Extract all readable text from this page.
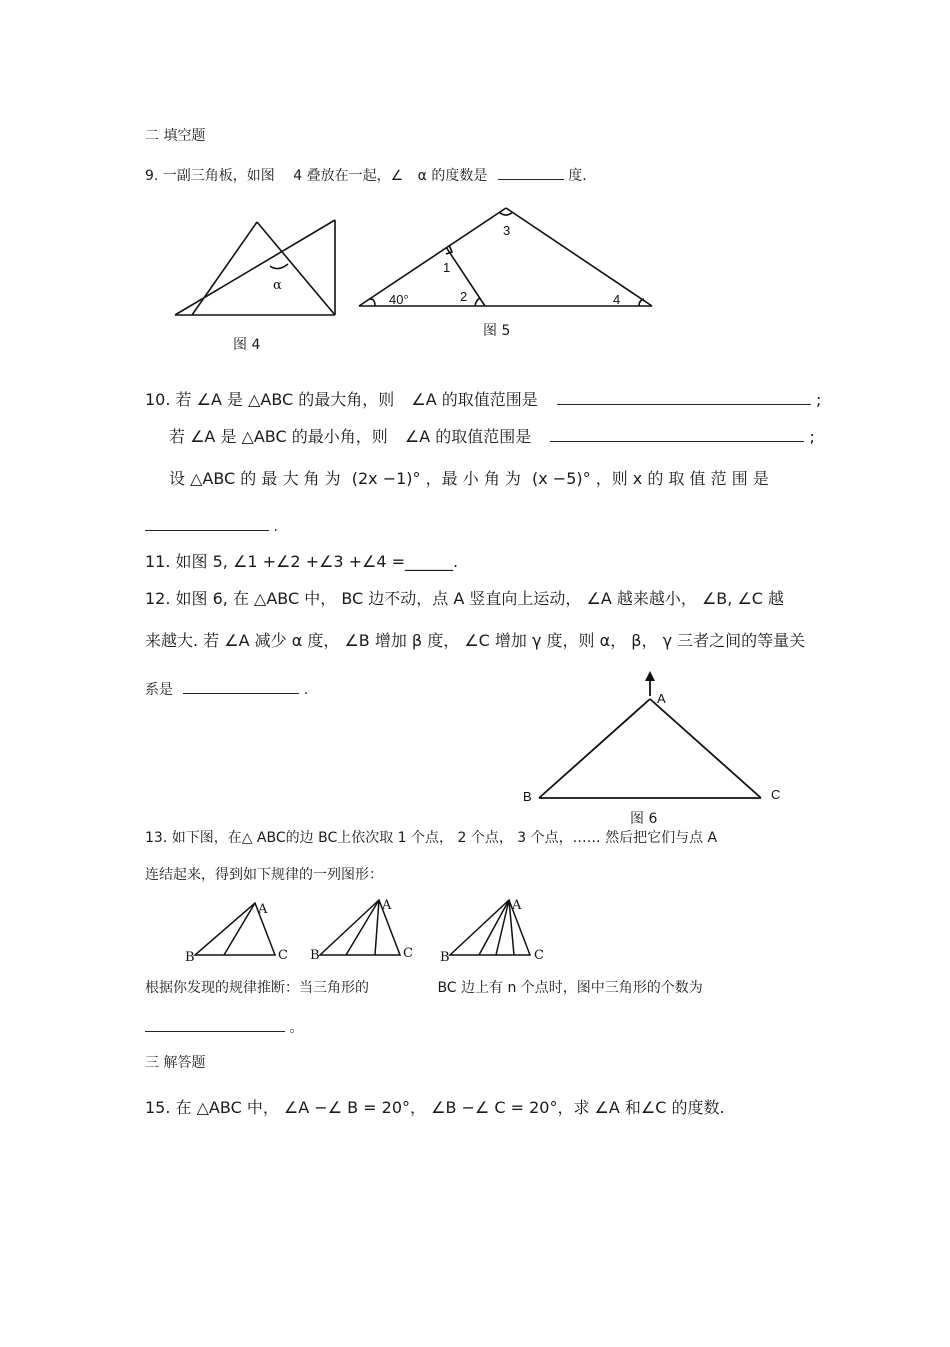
二 填空题
9. 一副三角板，如图 4 叠放在一起，∠ α 的度数是	度.
α
图 4
3
1
2	4
40°
图 5
10. 若 ∠A 是 △ABC 的最大角，则 ∠A 的取值范围是	;
若 ∠A 是 △ABC 的最小角，则 ∠A 的取值范围是	;
设 △ABC 的 最 大 角 为 (2x −1)° ，最 小 角 为 (x −5)° ，则 x 的 取 值 范 围 是
.
11. 如图 5, ∠1 +∠2 +∠3 +∠4 =______.
12. 如图 6, 在 △ABC 中， BC 边不动，点 A 竖直向上运动， ∠A 越来越小， ∠B, ∠C 越
来越大. 若 ∠A 减少 α 度， ∠B 增加 β 度， ∠C 增加 γ 度，则 α， β， γ 三者之间的等量关
系是	.
A
B	C
图 6
13. 如下图，在△ ABC的边 BC上依次取 1 个点， 2 个点， 3 个点，…… 然后把它们与点 A
连结起来，得到如下规律的一列图形：
A
B	C
A
B	C
A
B	C
根据你发现的规律推断：当三角形的	BC 边上有 n 个点时，图中三角形的个数为
。
三 解答题
15. 在 △ABC 中， ∠A −∠ B = 20°， ∠B −∠ C = 20°，求 ∠A 和∠C 的度数.
